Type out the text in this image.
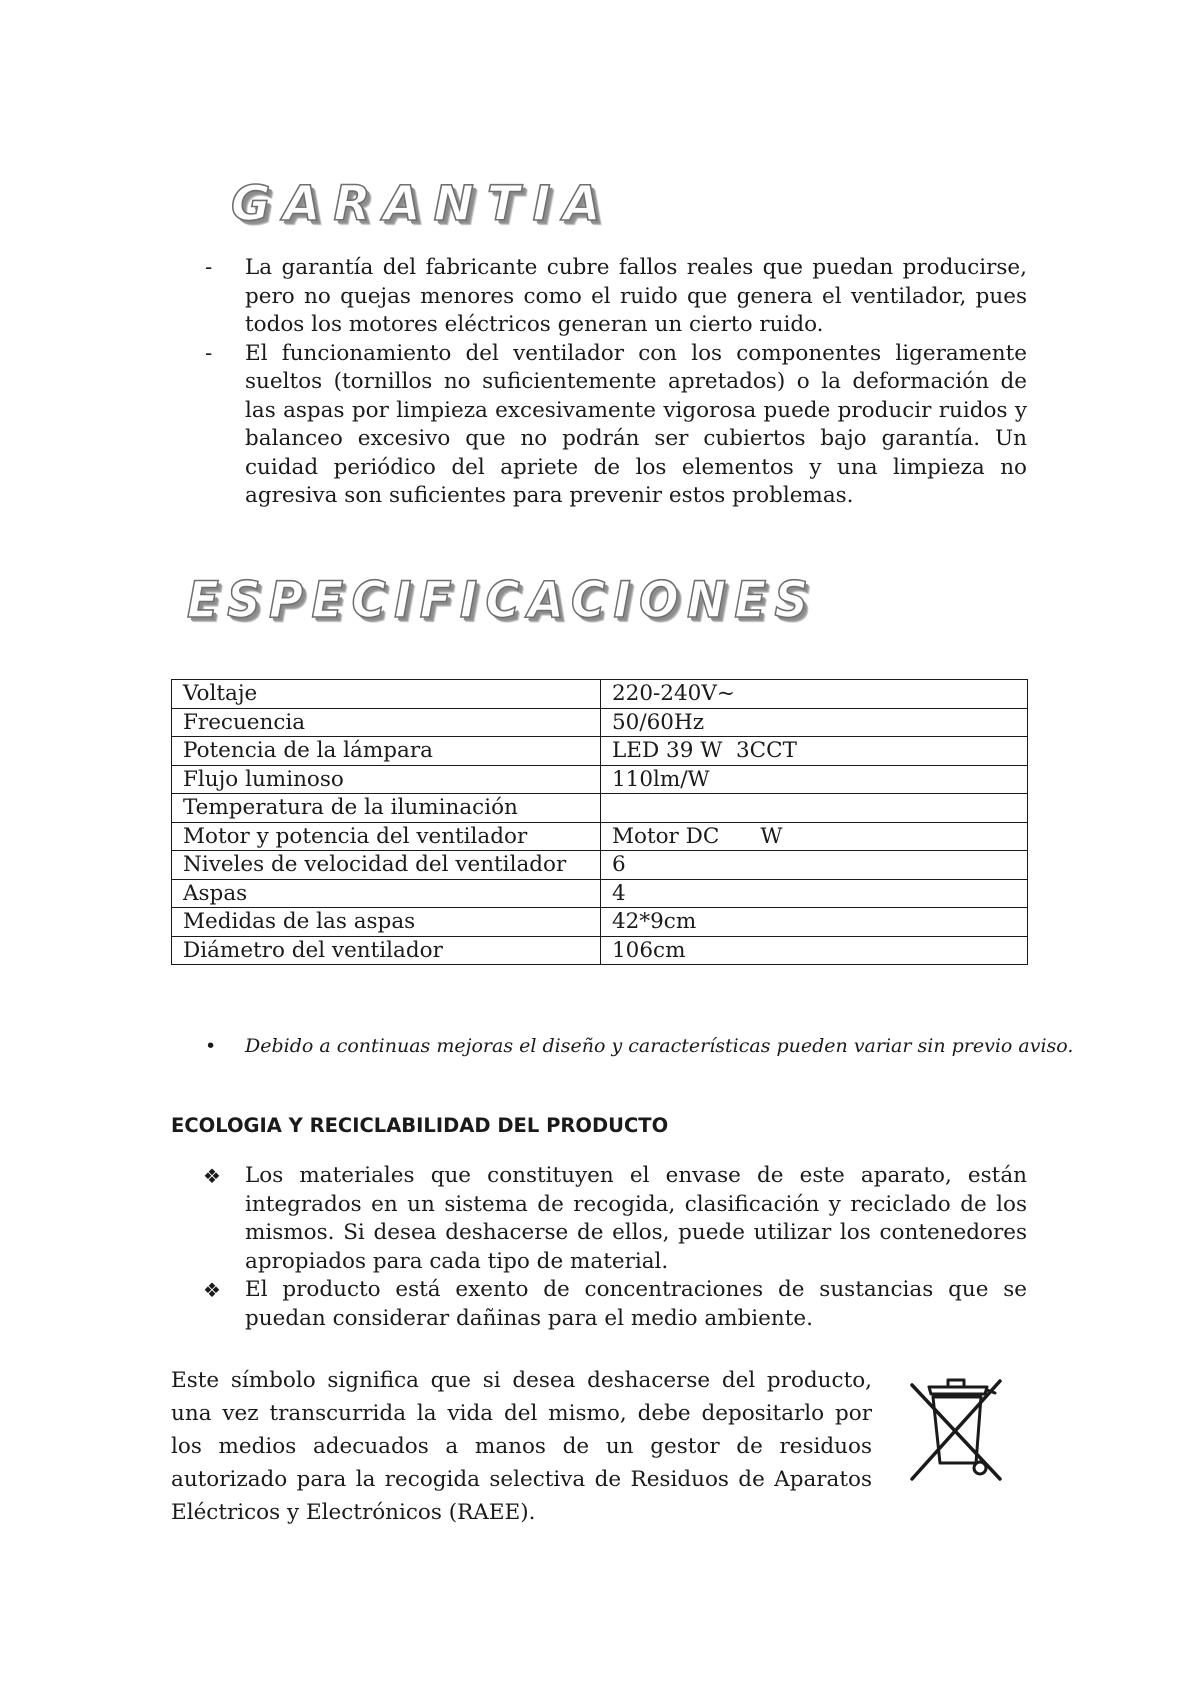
GARANTIA
- La garantía del fabricante cubre fallos reales que puedan producirse, pero no quejas menores como el ruido que genera el ventilador, pues todos los motores eléctricos generan un cierto ruido.
- El funcionamiento del ventilador con los componentes ligeramente sueltos (tornillos no suficientemente apretados) o la deformación de las aspas por limpieza excesivamente vigorosa puede producir ruidos y balanceo excesivo que no podrán ser cubiertos bajo garantía. Un cuidad periódico del apriete de los elementos y una limpieza no agresiva son suficientes para prevenir estos problemas.
ESPECIFICACIONES
Voltaje	220-240V~
Frecuencia	50/60Hz
Potencia de la lámpara	LED 39 W  3CCT
Flujo luminoso	110lm/W
Temperatura de la iluminación	
Motor y potencia del ventilador	Motor DC      W
Niveles de velocidad del ventilador	6
Aspas	4
Medidas de las aspas	42*9cm
Diámetro del ventilador	106cm
• Debido a continuas mejoras el diseño y características pueden variar sin previo aviso.
ECOLOGIA Y RECICLABILIDAD DEL PRODUCTO
❖ Los materiales que constituyen el envase de este aparato, están integrados en un sistema de recogida, clasificación y reciclado de los mismos. Si desea deshacerse de ellos, puede utilizar los contenedores apropiados para cada tipo de material.
❖ El producto está exento de concentraciones de sustancias que se puedan considerar dañinas para el medio ambiente.

Este símbolo significa que si desea deshacerse del producto, una vez transcurrida la vida del mismo, debe depositarlo por los medios adecuados a manos de un gestor de residuos autorizado para la recogida selectiva de Residuos de Aparatos Eléctricos y Electrónicos (RAEE).
